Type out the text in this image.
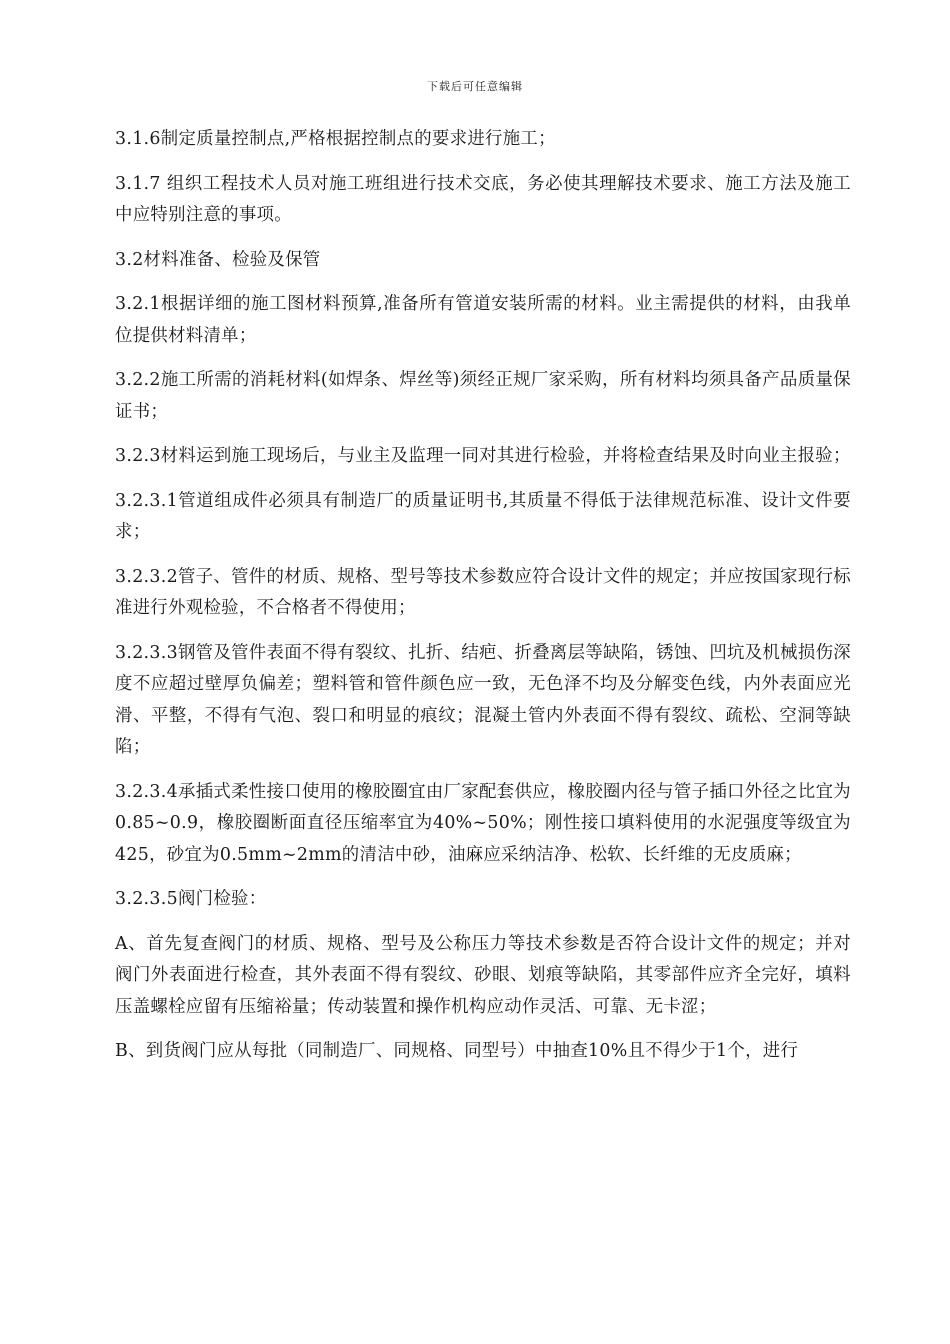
下载后可任意编辑

3.1.6制定质量控制点,严格根据控制点的要求进行施工；

3.1.7 组织工程技术人员对施工班组进行技术交底，务必使其理解技术要求、施工方法及施工中应特别注意的事项。

3.2材料准备、检验及保管

3.2.1根据详细的施工图材料预算,准备所有管道安装所需的材料。业主需提供的材料，由我单位提供材料清单；

3.2.2施工所需的消耗材料(如焊条、焊丝等)须经正规厂家采购，所有材料均须具备产品质量保证书；

3.2.3材料运到施工现场后，与业主及监理一同对其进行检验，并将检查结果及时向业主报验；

3.2.3.1管道组成件必须具有制造厂的质量证明书,其质量不得低于法律规范标准、设计文件要求；

3.2.3.2管子、管件的材质、规格、型号等技术参数应符合设计文件的规定；并应按国家现行标准进行外观检验，不合格者不得使用；

3.2.3.3钢管及管件表面不得有裂纹、扎折、结疤、折叠离层等缺陷，锈蚀、凹坑及机械损伤深度不应超过壁厚负偏差；塑料管和管件颜色应一致，无色泽不均及分解变色线，内外表面应光滑、平整，不得有气泡、裂口和明显的痕纹；混凝土管内外表面不得有裂纹、疏松、空洞等缺陷；

3.2.3.4承插式柔性接口使用的橡胶圈宜由厂家配套供应，橡胶圈内径与管子插口外径之比宜为0.85~0.9，橡胶圈断面直径压缩率宜为40%~50%；刚性接口填料使用的水泥强度等级宜为425，砂宜为0.5mm~2mm的清洁中砂，油麻应采纳洁净、松软、长纤维的无皮质麻；

3.2.3.5阀门检验：

A、首先复查阀门的材质、规格、型号及公称压力等技术参数是否符合设计文件的规定；并对阀门外表面进行检查，其外表面不得有裂纹、砂眼、划痕等缺陷，其零部件应齐全完好，填料压盖螺栓应留有压缩裕量；传动装置和操作机构应动作灵活、可靠、无卡涩；

B、到货阀门应从每批（同制造厂、同规格、同型号）中抽查10%且不得少于1个，进行
